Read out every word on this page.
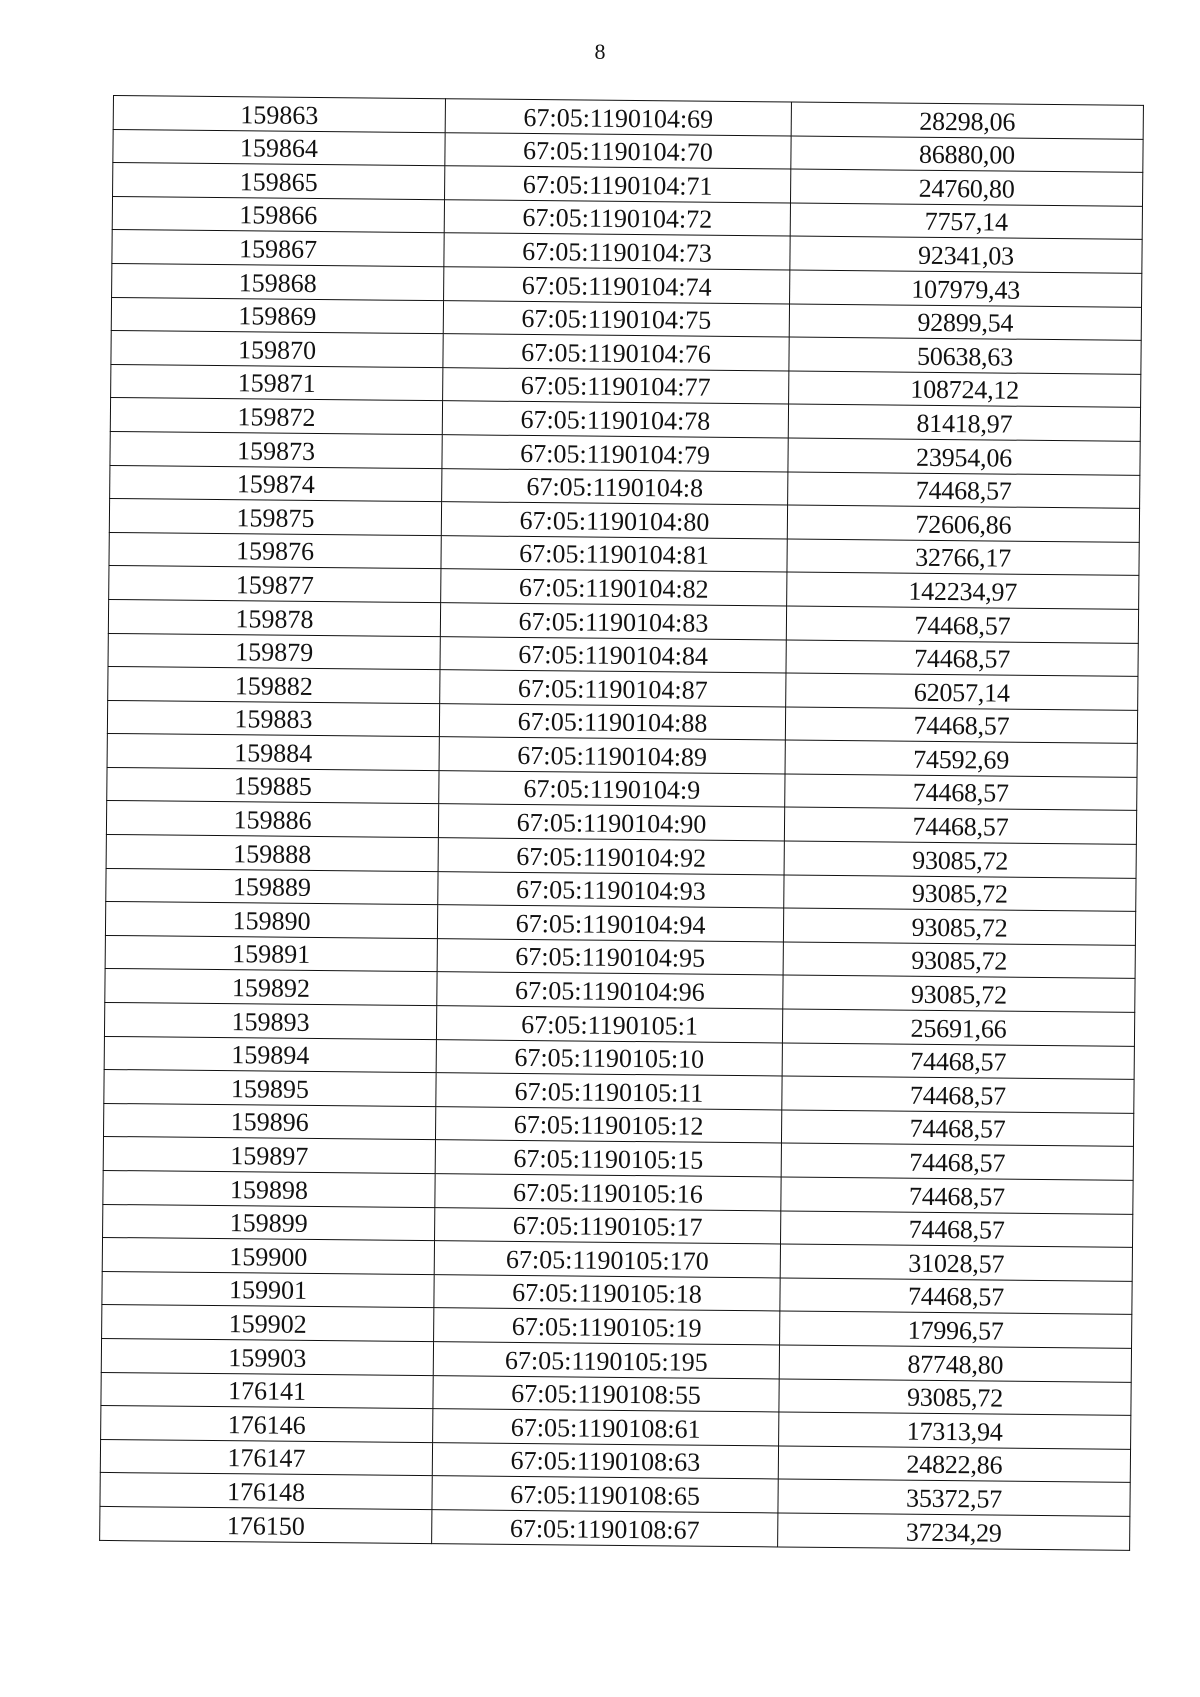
8
159863	67:05:1190104:69	28298,06
159864	67:05:1190104:70	86880,00
159865	67:05:1190104:71	24760,80
159866	67:05:1190104:72	7757,14
159867	67:05:1190104:73	92341,03
159868	67:05:1190104:74	107979,43
159869	67:05:1190104:75	92899,54
159870	67:05:1190104:76	50638,63
159871	67:05:1190104:77	108724,12
159872	67:05:1190104:78	81418,97
159873	67:05:1190104:79	23954,06
159874	67:05:1190104:8	74468,57
159875	67:05:1190104:80	72606,86
159876	67:05:1190104:81	32766,17
159877	67:05:1190104:82	142234,97
159878	67:05:1190104:83	74468,57
159879	67:05:1190104:84	74468,57
159882	67:05:1190104:87	62057,14
159883	67:05:1190104:88	74468,57
159884	67:05:1190104:89	74592,69
159885	67:05:1190104:9	74468,57
159886	67:05:1190104:90	74468,57
159888	67:05:1190104:92	93085,72
159889	67:05:1190104:93	93085,72
159890	67:05:1190104:94	93085,72
159891	67:05:1190104:95	93085,72
159892	67:05:1190104:96	93085,72
159893	67:05:1190105:1	25691,66
159894	67:05:1190105:10	74468,57
159895	67:05:1190105:11	74468,57
159896	67:05:1190105:12	74468,57
159897	67:05:1190105:15	74468,57
159898	67:05:1190105:16	74468,57
159899	67:05:1190105:17	74468,57
159900	67:05:1190105:170	31028,57
159901	67:05:1190105:18	74468,57
159902	67:05:1190105:19	17996,57
159903	67:05:1190105:195	87748,80
176141	67:05:1190108:55	93085,72
176146	67:05:1190108:61	17313,94
176147	67:05:1190108:63	24822,86
176148	67:05:1190108:65	35372,57
176150	67:05:1190108:67	37234,29
